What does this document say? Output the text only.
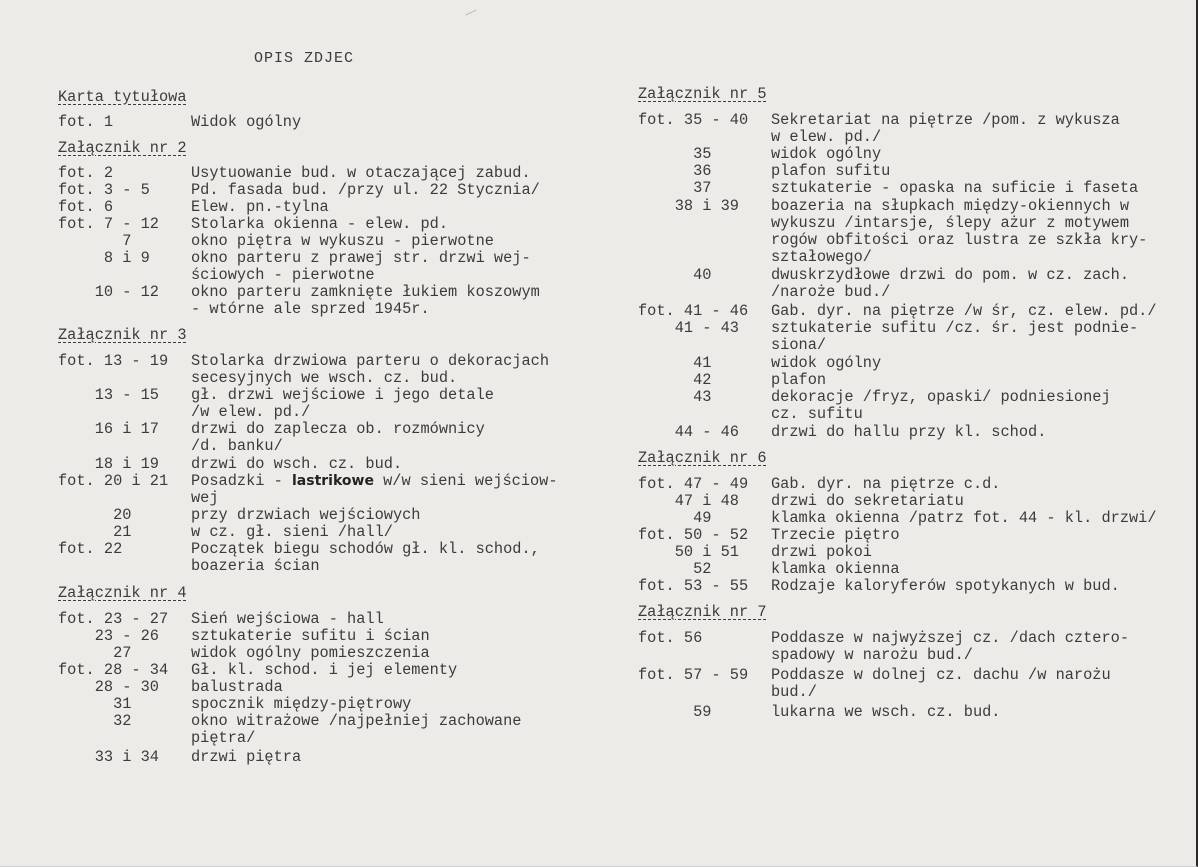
OPIS ZDJEC
Karta tytułowa
fot. 1	Widok ogólny
Załącznik nr 2
fot. 2	Usytuowanie bud. w otaczającej zabud.
fot. 3 - 5	Pd. fasada bud. /przy ul. 22 Stycznia/
fot. 6	Elew. pn.-tylna
fot. 7 - 12 Stolarka okienna - elew. pd.
7	okno piętra w wykuszu - pierwotne
8 i 9	okno parteru z prawej str. drzwi wej-
ściowych - pierwotne
10 - 12 okno parteru zamknięte łukiem koszowym
- wtórne ale sprzed 1945r.
Załącznik nr 3
fot. 13 - 19 Stolarka drzwiowa parteru o dekoracjach
secesyjnych we wsch. cz. bud.
13 - 15 gł. drzwi wejściowe i jego detale
/w elew. pd./
16 i 17 drzwi do zaplecza ob. rozmównicy
/d. banku/
18 i 19 drzwi do wsch. cz. bud.
fot. 20 i 21 Posadzki - lastrikowe w/w sieni wejściow-
wej
20	przy drzwiach wejściowych
21	w cz. gł. sieni /hall/
fot. 22	Początek biegu schodów gł. kl. schod.,
boazeria ścian
Załącznik nr 4
fot. 23 - 27 Sień wejściowa - hall
23 - 26 sztukaterie sufitu i ścian
27	widok ogólny pomieszczenia
fot. 28 - 34 Gł. kl. schod. i jej elementy
28 - 30 balustrada
31	spocznik między-piętrowy
32	okno witrażowe /najpełniej zachowane
piętra/
33 i 34 drzwi piętra
Załącznik nr 5
fot. 35 - 40 Sekretariat na piętrze /pom. z wykusza
w elew. pd./
35	widok ogólny
36	plafon sufitu
37	sztukaterie - opaska na suficie i faseta
38 i 39 boazeria na słupkach między-okiennych w
wykuszu /intarsje, ślepy ażur z motywem
rogów obfitości oraz lustra ze szkła kry-
ształowego/
40	dwuskrzydłowe drzwi do pom. w cz. zach.
/naroże bud./
fot. 41 - 46 Gab. dyr. na piętrze /w śr, cz. elew. pd./
41 - 43 sztukaterie sufitu /cz. śr. jest podnie-
siona/
41	widok ogólny
42	plafon
43	dekoracje /fryz, opaski/ podniesionej
cz. sufitu
44 - 46 drzwi do hallu przy kl. schod.
Załącznik nr 6
fot. 47 - 49 Gab. dyr. na piętrze c.d.
47 i 48 drzwi do sekretariatu
49	klamka okienna /patrz fot. 44 - kl. drzwi/
fot. 50 - 52 Trzecie piętro
50 i 51 drzwi pokoi
52	klamka okienna
fot. 53 - 55 Rodzaje kaloryferów spotykanych w bud.
Załącznik nr 7
fot. 56	Poddasze w najwyższej cz. /dach cztero-
spadowy w narożu bud./
fot. 57 - 59 Poddasze w dolnej cz. dachu /w narożu
bud./
59	lukarna we wsch. cz. bud.
